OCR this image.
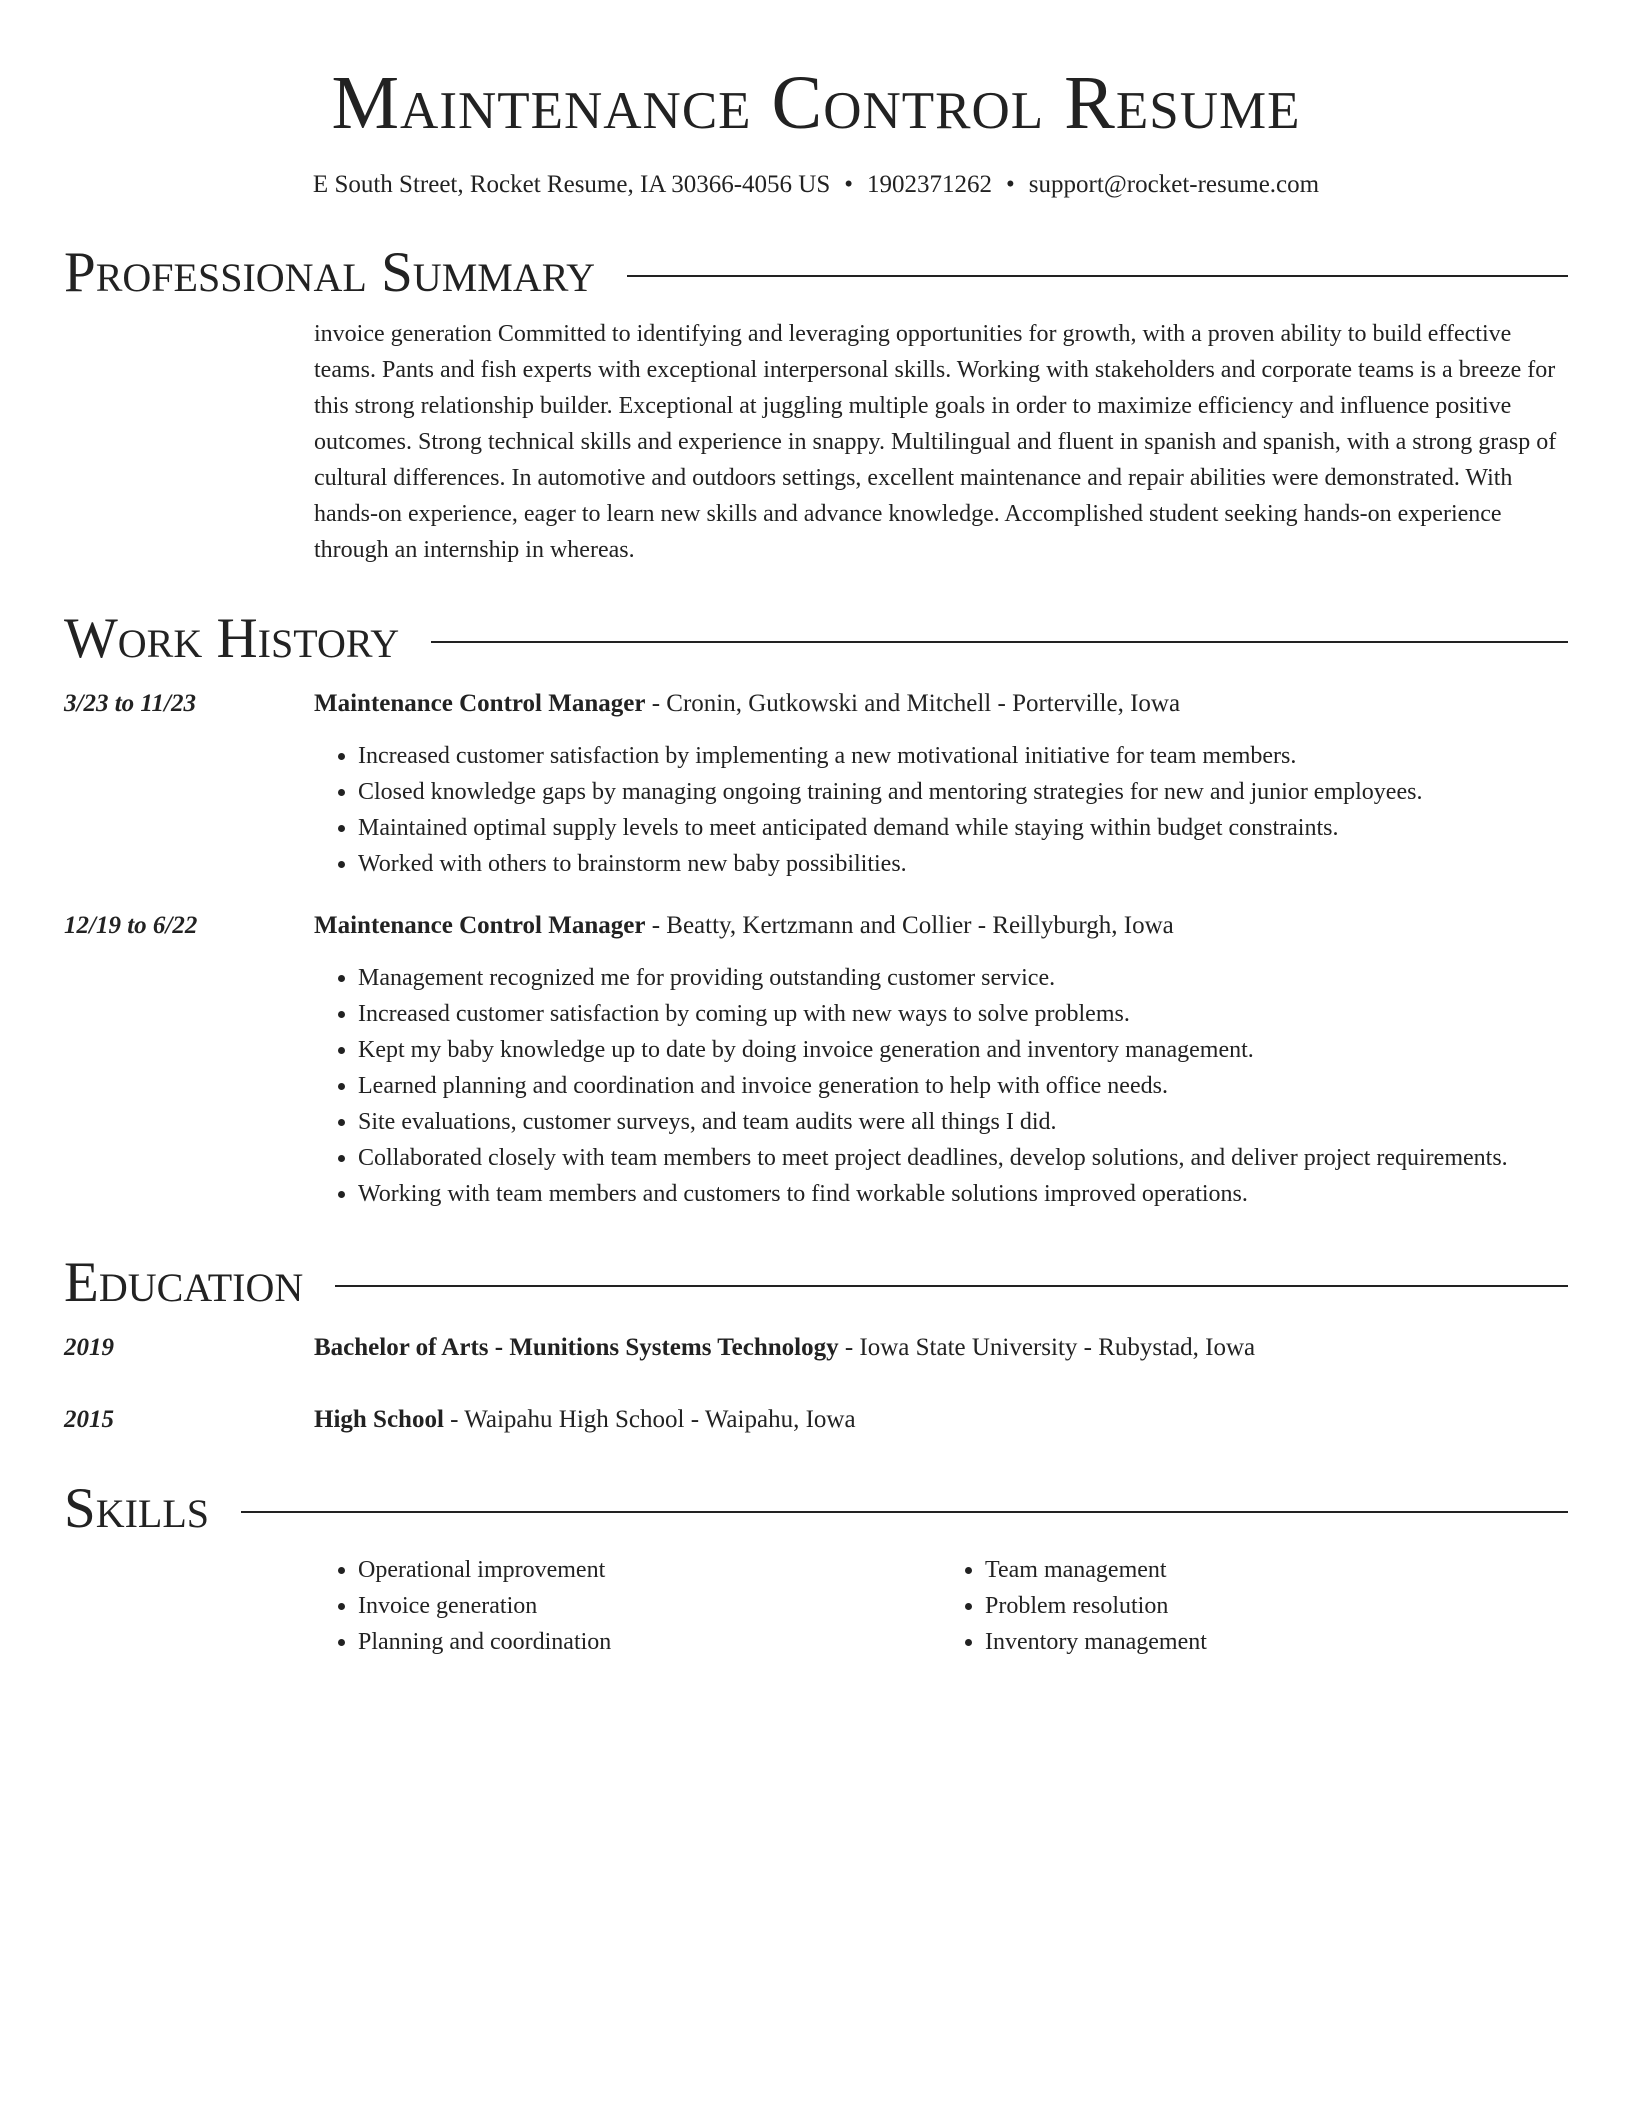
Maintenance Control Resume
E South Street, Rocket Resume, IA 30366-4056 US • 1902371262 • support@rocket-resume.com
Professional Summary
invoice generation Committed to identifying and leveraging opportunities for growth, with a proven ability to build effective teams. Pants and fish experts with exceptional interpersonal skills. Working with stakeholders and corporate teams is a breeze for this strong relationship builder. Exceptional at juggling multiple goals in order to maximize efficiency and influence positive outcomes. Strong technical skills and experience in snappy. Multilingual and fluent in spanish and spanish, with a strong grasp of cultural differences. In automotive and outdoors settings, excellent maintenance and repair abilities were demonstrated. With hands-on experience, eager to learn new skills and advance knowledge. Accomplished student seeking hands-on experience through an internship in whereas.
Work History
3/23 to 11/23	Maintenance Control Manager - Cronin, Gutkowski and Mitchell - Porterville, Iowa
• Increased customer satisfaction by implementing a new motivational initiative for team members.
• Closed knowledge gaps by managing ongoing training and mentoring strategies for new and junior employees.
• Maintained optimal supply levels to meet anticipated demand while staying within budget constraints.
• Worked with others to brainstorm new baby possibilities.
12/19 to 6/22	Maintenance Control Manager - Beatty, Kertzmann and Collier - Reillyburgh, Iowa
• Management recognized me for providing outstanding customer service.
• Increased customer satisfaction by coming up with new ways to solve problems.
• Kept my baby knowledge up to date by doing invoice generation and inventory management.
• Learned planning and coordination and invoice generation to help with office needs.
• Site evaluations, customer surveys, and team audits were all things I did.
• Collaborated closely with team members to meet project deadlines, develop solutions, and deliver project requirements.
• Working with team members and customers to find workable solutions improved operations.
Education
2019	Bachelor of Arts - Munitions Systems Technology - Iowa State University - Rubystad, Iowa
2015	High School - Waipahu High School - Waipahu, Iowa
Skills
• Operational improvement
• Invoice generation
• Planning and coordination
• Team management
• Problem resolution
• Inventory management
